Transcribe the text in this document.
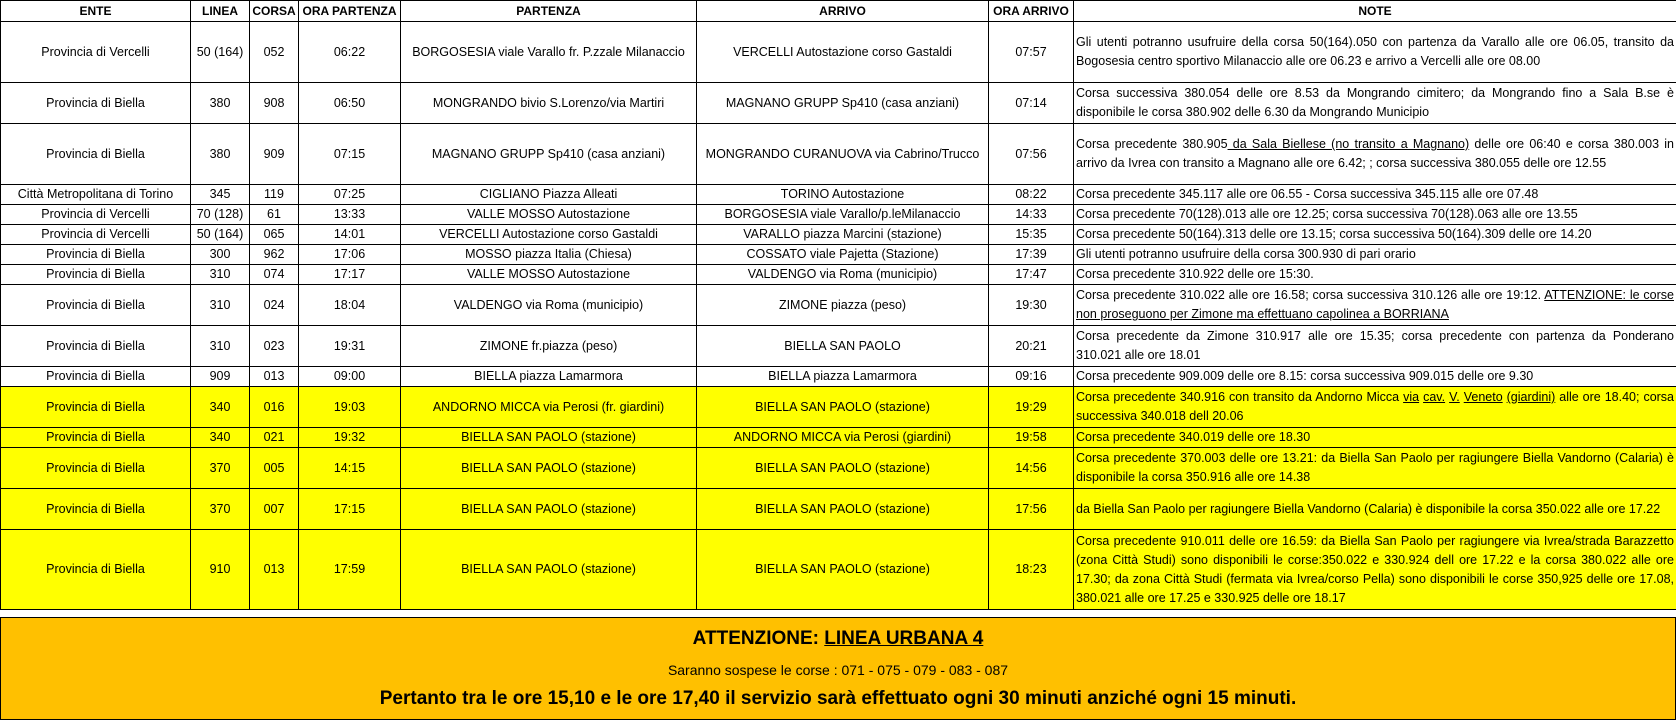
ENTE	LINEA	CORSA	ORA PARTENZA	PARTENZA	ARRIVO	ORA ARRIVO	NOTE
Provincia di Vercelli	50 (164)	052	06:22	BORGOSESIA viale Varallo fr. P.zzale Milanaccio	VERCELLI Autostazione corso Gastaldi	07:57	Gli utenti potranno usufruire della corsa 50(164).050 con partenza da Varallo alle ore 06.05, transito da Bogosesia centro sportivo Milanaccio alle ore 06.23 e arrivo a Vercelli alle ore 08.00
Provincia di Biella	380	908	06:50	MONGRANDO bivio S.Lorenzo/via Martiri	MAGNANO GRUPP Sp410 (casa anziani)	07:14	Corsa successiva 380.054 delle ore 8.53 da Mongrando cimitero; da Mongrando fino a Sala B.se è disponibile le corsa 380.902 delle 6.30 da Mongrando Municipio
Provincia di Biella	380	909	07:15	MAGNANO GRUPP Sp410 (casa anziani)	MONGRANDO CURANUOVA via Cabrino/Trucco	07:56	Corsa precedente 380.905 da Sala Biellese (no transito a Magnano) delle ore 06:40 e corsa 380.003 in arrivo da Ivrea con transito a Magnano alle ore 6.42; ; corsa successiva 380.055 delle ore 12.55
Città Metropolitana di Torino	345	119	07:25	CIGLIANO Piazza Alleati	TORINO Autostazione	08:22	Corsa precedente 345.117 alle ore 06.55 - Corsa successiva 345.115 alle ore 07.48
Provincia di Vercelli	70 (128)	61	13:33	VALLE MOSSO Autostazione	BORGOSESIA viale Varallo/p.leMilanaccio	14:33	Corsa precedente 70(128).013 alle ore 12.25; corsa successiva 70(128).063 alle ore 13.55
Provincia di Vercelli	50 (164)	065	14:01	VERCELLI Autostazione corso Gastaldi	VARALLO piazza Marcini (stazione)	15:35	Corsa precedente 50(164).313 delle ore 13.15; corsa successiva 50(164).309 delle ore 14.20
Provincia di Biella	300	962	17:06	MOSSO piazza Italia (Chiesa)	COSSATO viale Pajetta (Stazione)	17:39	Gli utenti potranno usufruire della corsa 300.930 di pari orario
Provincia di Biella	310	074	17:17	VALLE MOSSO Autostazione	VALDENGO via Roma (municipio)	17:47	Corsa precedente 310.922 delle ore 15:30.
Provincia di Biella	310	024	18:04	VALDENGO via Roma (municipio)	ZIMONE piazza (peso)	19:30	Corsa precedente 310.022 alle ore 16.58; corsa successiva 310.126 alle ore 19:12. ATTENZIONE: le corse non proseguono per Zimone ma effettuano capolinea a BORRIANA
Provincia di Biella	310	023	19:31	ZIMONE fr.piazza (peso)	BIELLA SAN PAOLO	20:21	Corsa precedente da Zimone 310.917 alle ore 15.35; corsa precedente con partenza da Ponderano 310.021 alle ore 18.01
Provincia di Biella	909	013	09:00	BIELLA piazza Lamarmora	BIELLA piazza Lamarmora	09:16	Corsa precedente 909.009 delle ore 8.15: corsa successiva 909.015 delle ore 9.30
Provincia di Biella	340	016	19:03	ANDORNO MICCA via Perosi (fr. giardini)	BIELLA SAN PAOLO (stazione)	19:29	Corsa precedente 340.916 con transito da Andorno Micca via cav. V. Veneto (giardini) alle ore 18.40; corsa successiva 340.018 dell 20.06
Provincia di Biella	340	021	19:32	BIELLA SAN PAOLO (stazione)	ANDORNO MICCA via Perosi (giardini)	19:58	Corsa precedente 340.019 delle ore 18.30
Provincia di Biella	370	005	14:15	BIELLA SAN PAOLO (stazione)	BIELLA SAN PAOLO (stazione)	14:56	Corsa precedente 370.003 delle ore 13.21: da Biella San Paolo per ragiungere Biella Vandorno (Calaria) è disponibile la corsa 350.916 alle ore 14.38
Provincia di Biella	370	007	17:15	BIELLA SAN PAOLO (stazione)	BIELLA SAN PAOLO (stazione)	17:56	da Biella San Paolo per ragiungere Biella Vandorno (Calaria) è disponibile la corsa 350.022 alle ore 17.22
Provincia di Biella	910	013	17:59	BIELLA SAN PAOLO (stazione)	BIELLA SAN PAOLO (stazione)	18:23	Corsa precedente 910.011 delle ore 16.59: da Biella San Paolo per ragiungere via Ivrea/strada Barazzetto (zona Città Studi) sono disponibili le corse:350.022 e 330.924 dell ore 17.22 e la corsa 380.022 alle ore 17.30; da zona Città Studi (fermata via Ivrea/corso Pella) sono disponibili le corse 350,925 delle ore 17.08, 380.021 alle ore 17.25 e 330.925 delle ore 18.17
ATTENZIONE: LINEA URBANA 4
Saranno sospese le corse : 071 - 075 - 079 - 083 - 087
Pertanto tra le ore 15,10 e le ore 17,40 il servizio sarà effettuato ogni 30 minuti anziché ogni 15 minuti.
